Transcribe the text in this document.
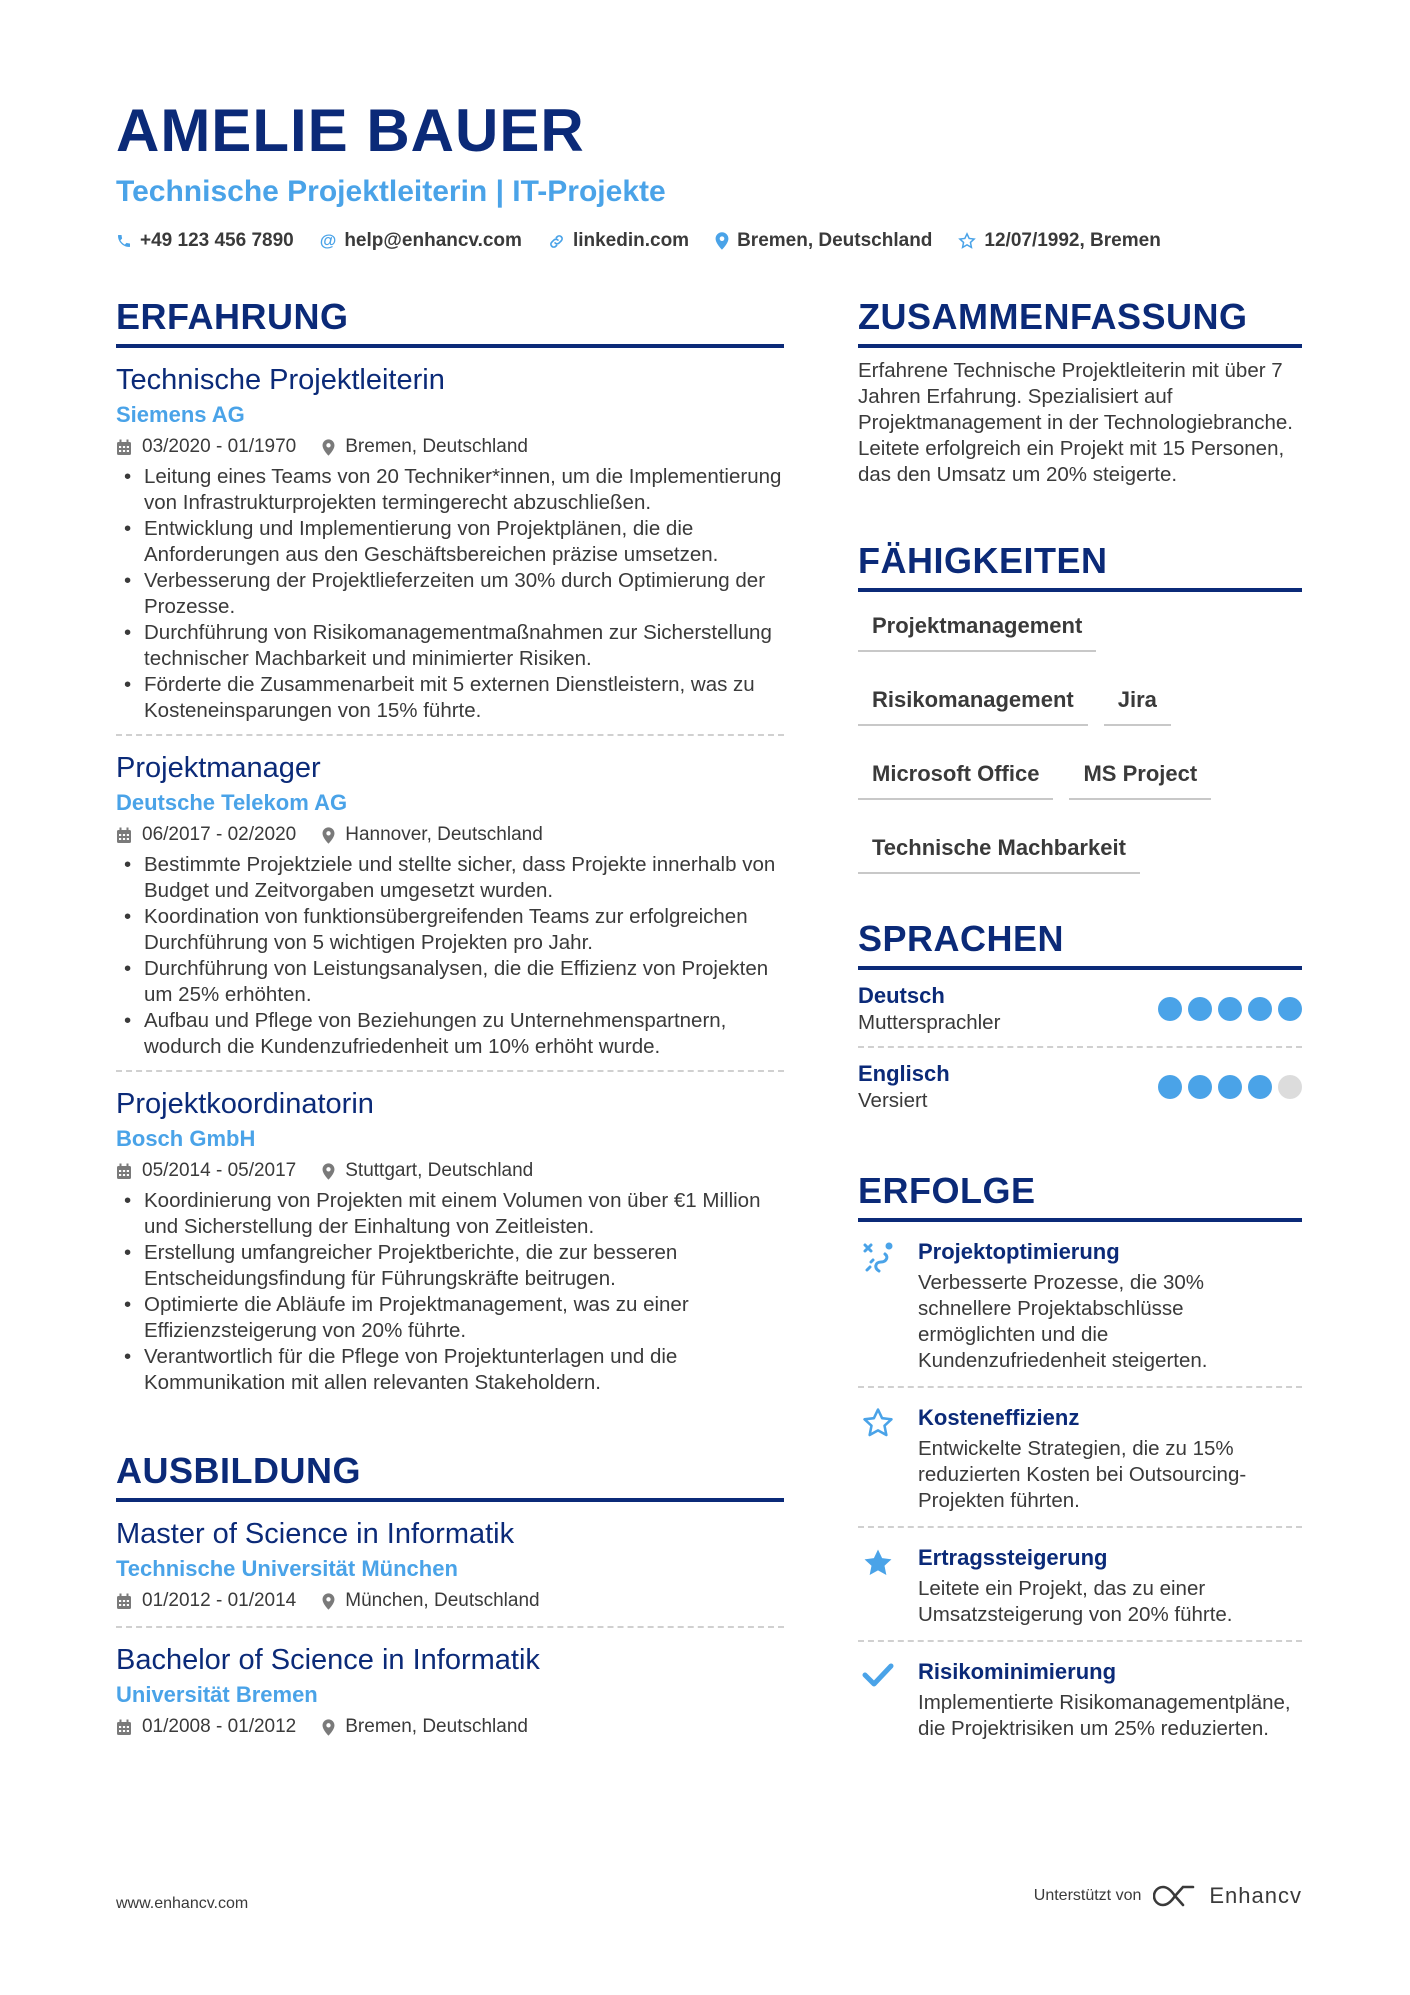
AMELIE BAUER
Technische Projektleiterin | IT-Projekte
+49 123 456 7890 @ help@enhancv.com	linkedin.com	Bremen, Deutschland	12/07/1992, Bremen
ERFAHRUNG

Technische Projektleiterin

Siemens AG

03/2020 - 01/1970	Bremen, Deutschland
• Leitung eines Teams von 20 Techniker*innen, um die Implementierung von Infrastrukturprojekten termingerecht abzuschließen.
• Entwicklung und Implementierung von Projektplänen, die die Anforderungen aus den Geschäftsbereichen präzise umsetzen.
• Verbesserung der Projektlieferzeiten um 30% durch Optimierung der Prozesse.
• Durchführung von Risikomanagementmaßnahmen zur Sicherstellung technischer Machbarkeit und minimierter Risiken.
• Förderte die Zusammenarbeit mit 5 externen Dienstleistern, was zu Kosteneinsparungen von 15% führte.

Projektmanager

Deutsche Telekom AG

06/2017 - 02/2020	Hannover, Deutschland
• Bestimmte Projektziele und stellte sicher, dass Projekte innerhalb von Budget und Zeitvorgaben umgesetzt wurden.
• Koordination von funktionsübergreifenden Teams zur erfolgreichen Durchführung von 5 wichtigen Projekten pro Jahr.
• Durchführung von Leistungsanalysen, die die Effizienz von Projekten um 25% erhöhten.
• Aufbau und Pflege von Beziehungen zu Unternehmenspartnern, wodurch die Kundenzufriedenheit um 10% erhöht wurde.

Projektkoordinatorin

Bosch GmbH

05/2014 - 05/2017	Stuttgart, Deutschland
• Koordinierung von Projekten mit einem Volumen von über €1 Million und Sicherstellung der Einhaltung von Zeitleisten.
• Erstellung umfangreicher Projektberichte, die zur besseren Entscheidungsfindung für Führungskräfte beitrugen.
• Optimierte die Abläufe im Projektmanagement, was zu einer Effizienzsteigerung von 20% führte.
• Verantwortlich für die Pflege von Projektunterlagen und die Kommunikation mit allen relevanten Stakeholdern.
AUSBILDUNG

Master of Science in Informatik

Technische Universität München

01/2012 - 01/2014	München, Deutschland

Bachelor of Science in Informatik

Universität Bremen

01/2008 - 01/2012	Bremen, Deutschland
ZUSAMMENFASSUNG

Erfahrene Technische Projektleiterin mit über 7 Jahren Erfahrung. Spezialisiert auf Projektmanagement in der Technologiebranche. Leitete erfolgreich ein Projekt mit 15 Personen, das den Umsatz um 20% steigerte.

FÄHIGKEITEN
Projektmanagement
Risikomanagement	Jira
Microsoft Office	MS Project
Technische Machbarkeit
SPRACHEN
Deutsch
Muttersprachler
Englisch
Versiert
ERFOLGE

Projektoptimierung

Verbesserte Prozesse, die 30% schnellere Projektabschlüsse ermöglichten und die Kundenzufriedenheit steigerten.

Kosteneffizienz

Entwickelte Strategien, die zu 15% reduzierten Kosten bei Outsourcing-Projekten führten.

Ertragssteigerung

Leitete ein Projekt, das zu einer Umsatzsteigerung von 20% führte.

Risikominimierung

Implementierte Risikomanagementpläne, die Projektrisiken um 25% reduzierten.

www.enhancv.com	Unterstützt von	Enhancv
